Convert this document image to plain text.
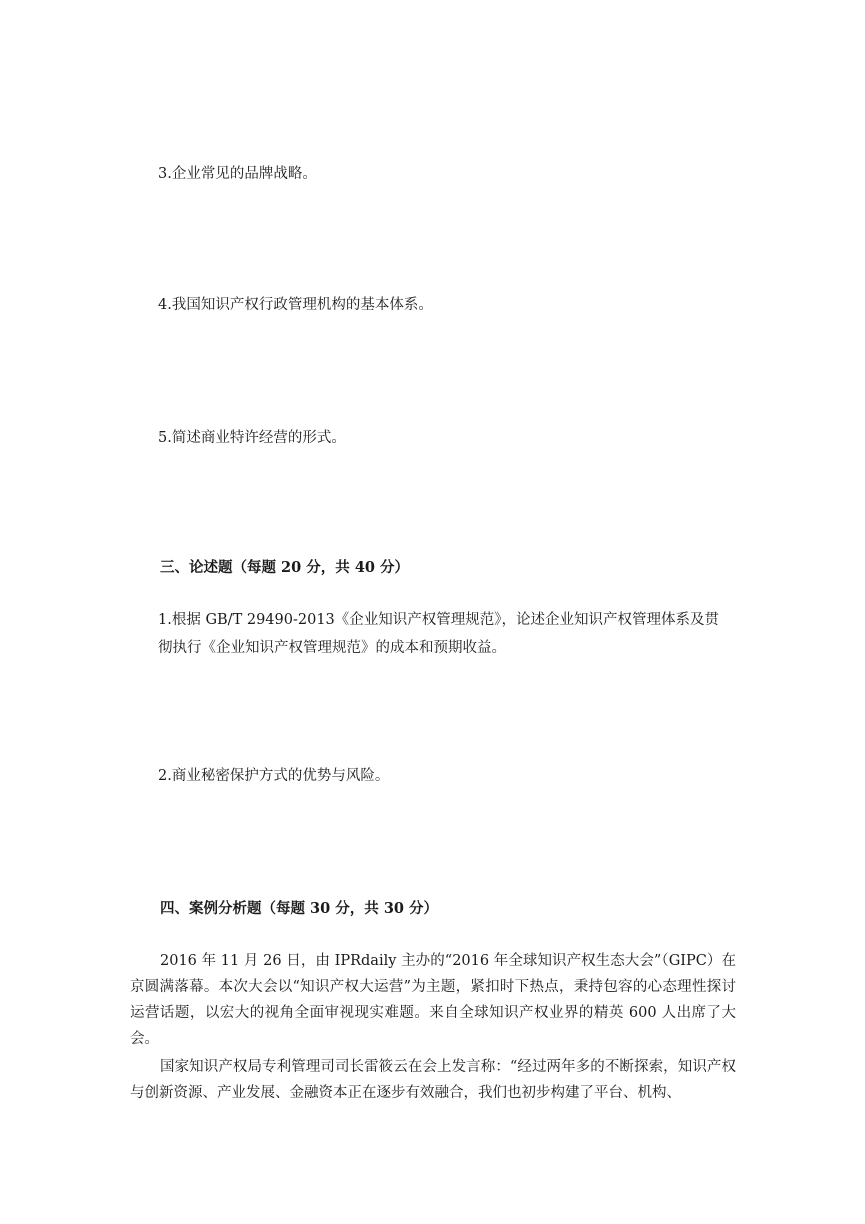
3.企业常见的品牌战略。
4.我国知识产权行政管理机构的基本体系。
5.简述商业特许经营的形式。
三、论述题（每题 20 分，共 40 分）
1.根据 GB/T 29490-2013《企业知识产权管理规范》，论述企业知识产权管理体系及贯
彻执行《企业知识产权管理规范》的成本和预期收益。
2.商业秘密保护方式的优势与风险。
四、案例分析题（每题 30 分，共 30 分）
2016 年 11 月 26 日，由 IPRdaily 主办的“2016 年全球知识产权生态大会”（GIPC）在京圆满落幕。本次大会以“知识产权大运营”为主题，紧扣时下热点，秉持包容的心态理性探讨运营话题，以宏大的视角全面审视现实难题。来自全球知识产权业界的精英 600 人出席了大会。
国家知识产权局专利管理司司长雷筱云在会上发言称：“经过两年多的不断探索，知识产权与创新资源、产业发展、金融资本正在逐步有效融合，我们也初步构建了平台、机构、
